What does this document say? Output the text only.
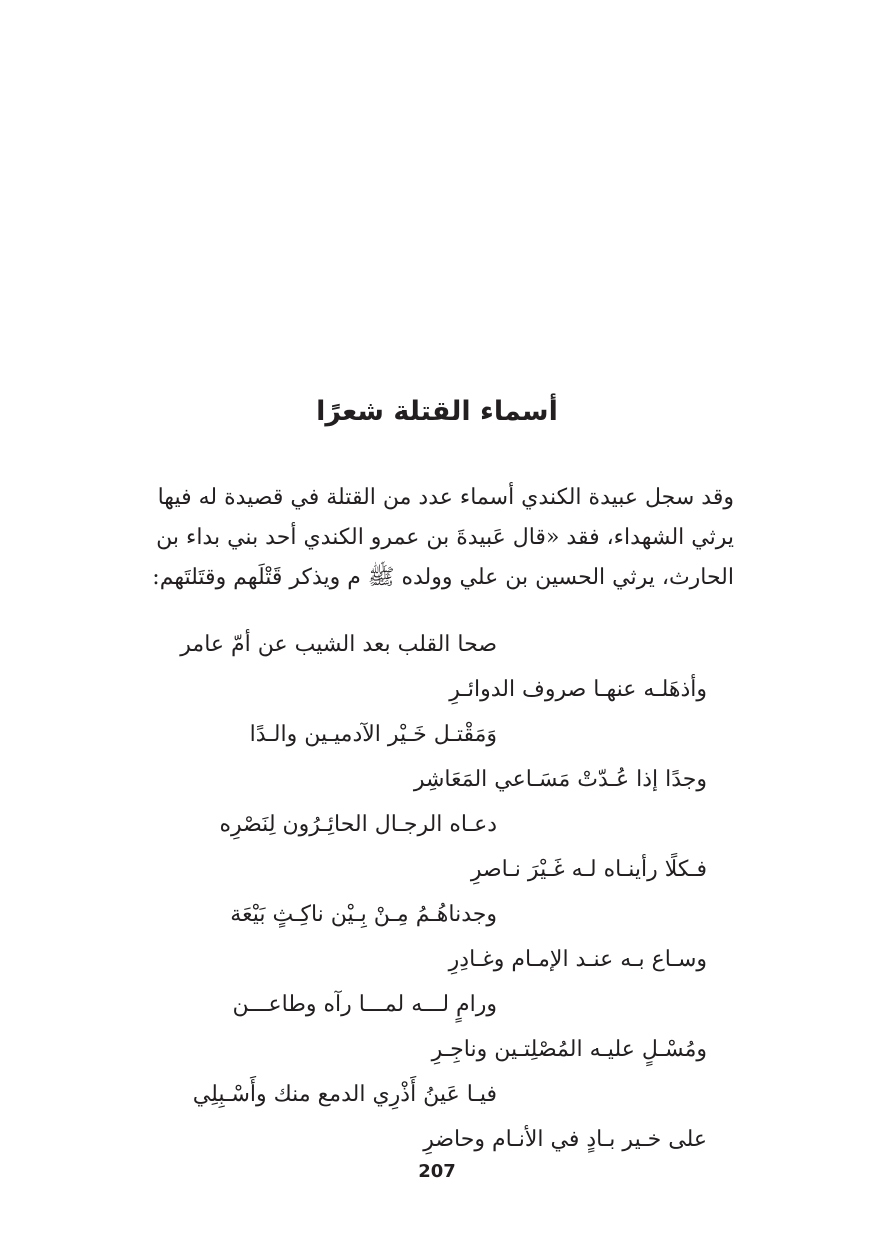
أسماء القتلة شعرًا

وقد سجل عبيدة الكندي أسماء عدد من القتلة في قصيدة له فيها

يرثي الشهداء، فقد «قال عَبيدةَ بن عمرو الكندي أحد بني بداء بن

الحارث، يرثي الحسين بن علي وولده ﷺ م ويذكر قَتْلَهم وقتَلتَهم:

صحا القلب بعد الشيب عن أمّ عامر
وأذهَلـه عنهـا صروف الدوائـرِ
وَمَقْتـل خَـيْر الآدميـين والـدًا
وجدًا إذا عُـدّتْ مَسَـاعي المَعَاشِر
دعـاه الرجـال الحائِـرُون لِنَصْرِه
فـكلًا رأينـاه لـه غَـيْرَ نـاصرِ
وجدناهُـمُ مِـنْ بِـيْن ناكِـثٍ بَيْعَة
وسـاع بـه عنـد الإمـام وغـادِرِ
ورامٍ لـــه لمـــا رآه وطاعـــن
ومُسْـلٍ عليـه المُصْلِتـين وناجِـرِ
فيـا عَينُ أَذْرِي الدمع منك وأَسْـبِلِي
على خـير بـادٍ في الأنـام وحاضرِ
207
